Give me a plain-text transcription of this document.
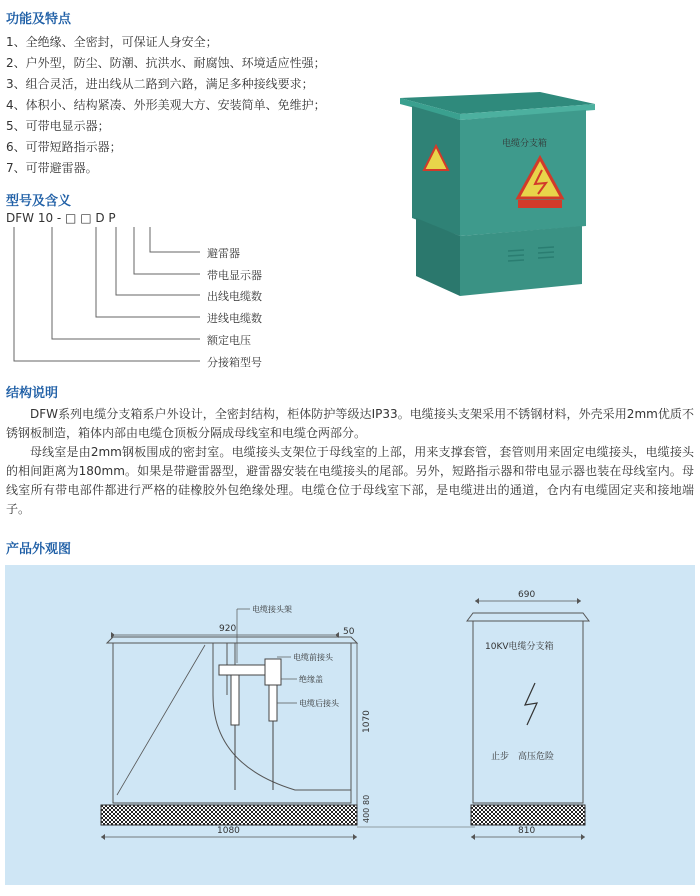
功能及特点
1、全绝缘、全密封，可保证人身安全；
2、户外型，防尘、防潮、抗洪水、耐腐蚀、环境适应性强；
3、组合灵活，进出线从二路到六路，满足多种接线要求；
4、体积小、结构紧凑、外形美观大方、安装简单、免维护；
5、可带电显示器；
6、可带短路指示器；
7、可带避雷器。
型号及含义
DFW 10 - □ □ D P
避雷器
带电显示器
出线电缆数
进线电缆数
额定电压
分接箱型号
电缆分支箱
结构说明

DFW系列电缆分支箱系户外设计，全密封结构，柜体防护等级达IP33。电缆接头支架采用不锈钢材料，外壳采用2mm优质不锈钢板制造，箱体内部由电缆仓顶板分隔成母线室和电缆仓两部分。

母线室是由2mm钢板围成的密封室。电缆接头支架位于母线室的上部，用来支撑套管，套管则用来固定电缆接头，电缆接头的相间距离为180mm。如果是带避雷器型，避雷器安装在电缆接头的尾部。另外，短路指示器和带电显示器也装在母线室内。母线室所有带电部件都进行严格的硅橡胶外包绝缘处理。电缆仓位于母线室下部，是电缆进出的通道，仓内有电缆固定夹和接地端子。

产品外观图
920	50
电缆接头架
电缆前接头
绝缘盖
电缆后接头
1070
400
80
1080
690
10KV电缆分支箱
止步　高压危险
810
